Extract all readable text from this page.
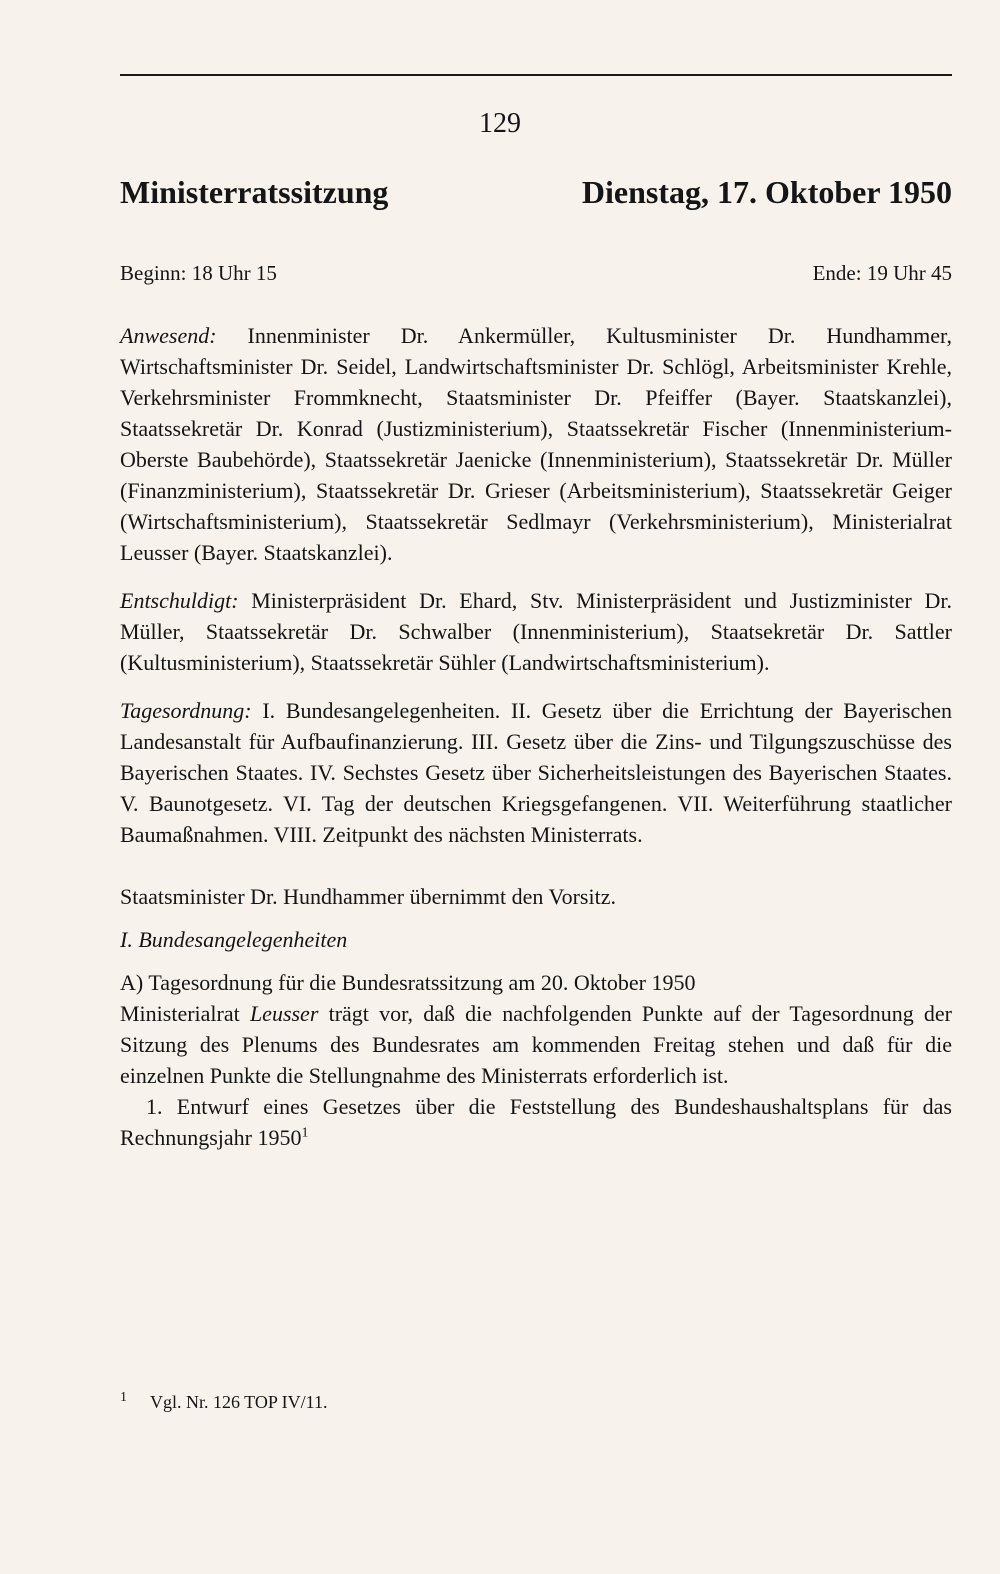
129
Ministerratssitzung	Dienstag, 17. Oktober 1950
Beginn: 18 Uhr 15	Ende: 19 Uhr 45

Anwesend: Innenminister Dr. Ankermüller, Kultusminister Dr. Hundhammer, Wirtschaftsminister Dr. Seidel, Landwirtschaftsminister Dr. Schlögl, Arbeitsminister Krehle, Verkehrsminister Frommknecht, Staatsminister Dr. Pfeiffer (Bayer. Staatskanzlei), Staatssekretär Dr. Konrad (Justizministerium), Staatssekretär Fischer (Innenministerium-Oberste Baubehörde), Staatssekretär Jaenicke (Innenministerium), Staatssekretär Dr. Müller (Finanzministerium), Staatssekretär Dr. Grieser (Arbeitsministerium), Staatssekretär Geiger (Wirtschaftsministerium), Staatssekretär Sedlmayr (Verkehrsministerium), Ministerialrat Leusser (Bayer. Staatskanzlei).

Entschuldigt: Ministerpräsident Dr. Ehard, Stv. Ministerpräsident und Justizminister Dr. Müller, Staatssekretär Dr. Schwalber (Innenministerium), Staatsekretär Dr. Sattler (Kultusministerium), Staatssekretär Sühler (Landwirtschaftsministerium).

Tagesordnung: I. Bundesangelegenheiten. II. Gesetz über die Errichtung der Bayerischen Landesanstalt für Aufbaufinanzierung. III. Gesetz über die Zins- und Tilgungszuschüsse des Bayerischen Staates. IV. Sechstes Gesetz über Sicherheitsleistungen des Bayerischen Staates. V. Baunotgesetz. VI. Tag der deutschen Kriegsgefangenen. VII. Weiterführung staatlicher Baumaßnahmen. VIII. Zeitpunkt des nächsten Ministerrats.

Staatsminister Dr. Hundhammer übernimmt den Vorsitz.

I. Bundesangelegenheiten

A) Tagesordnung für die Bundesratssitzung am 20. Oktober 1950

Ministerialrat Leusser trägt vor, daß die nachfolgenden Punkte auf der Tagesordnung der Sitzung des Plenums des Bundesrates am kommenden Freitag stehen und daß für die einzelnen Punkte die Stellungnahme des Ministerrats erforderlich ist.

1. Entwurf eines Gesetzes über die Feststellung des Bundeshaushaltsplans für das Rechnungsjahr 1950$^1$

1 Vgl. Nr. 126 TOP IV/11.
